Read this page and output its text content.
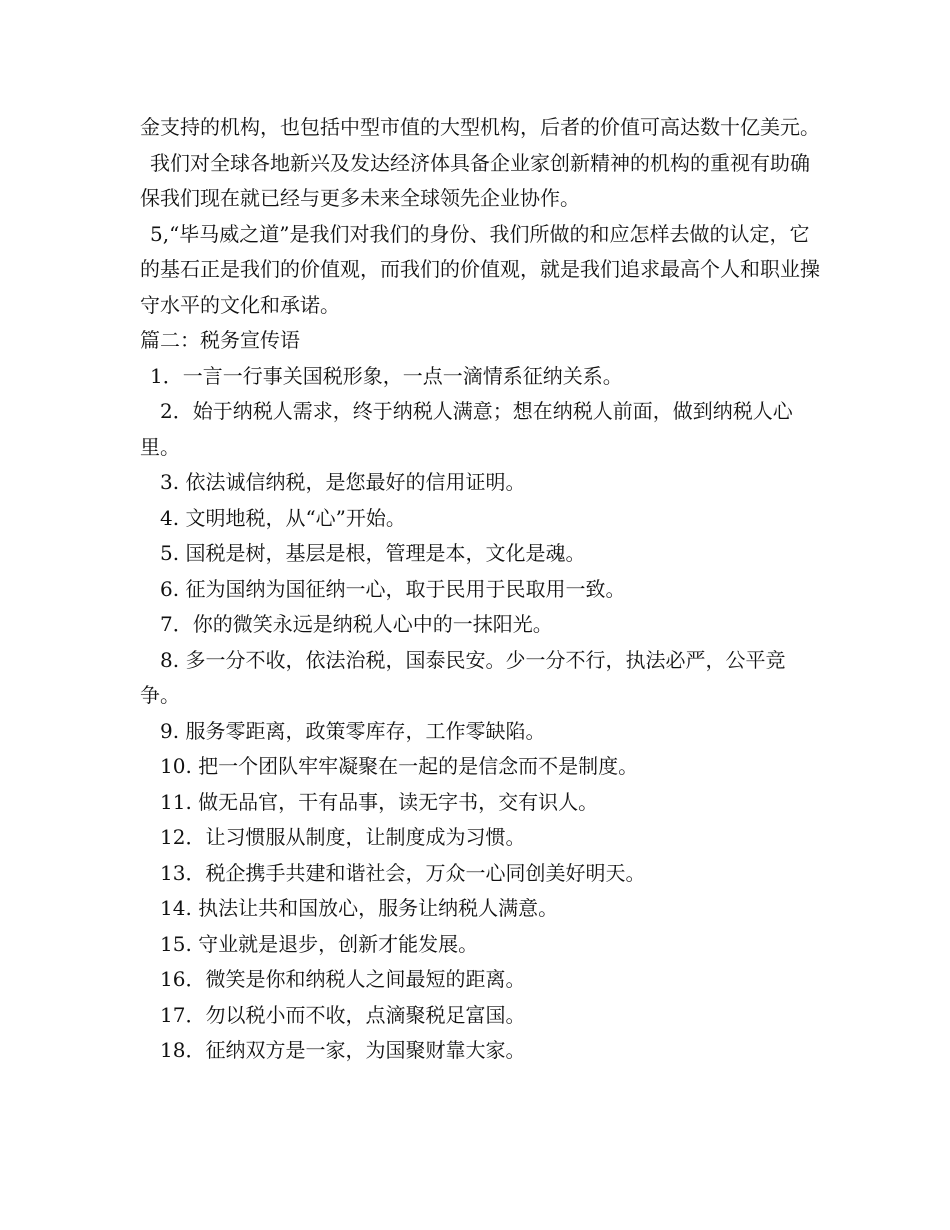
金支持的机构，也包括中型市值的大型机构，后者的价值可高达数十亿美元。

我们对全球各地新兴及发达经济体具备企业家创新精神的机构的重视有助确保我们现在就已经与更多未来全球领先企业协作。

5,“毕马威之道”是我们对我们的身份、我们所做的和应怎样去做的认定，它的基石正是我们的价值观，而我们的价值观，就是我们追求最高个人和职业操守水平的文化和承诺。

篇二：税务宣传语

1．一言一行事关国税形象，一点一滴情系征纳关系。

2．始于纳税人需求，终于纳税人满意；想在纳税人前面，做到纳税人心里。

3. 依法诚信纳税，是您最好的信用证明。

4. 文明地税，从“心”开始。

5. 国税是树，基层是根，管理是本，文化是魂。

6. 征为国纳为国征纳一心，取于民用于民取用一致。

7．你的微笑永远是纳税人心中的一抹阳光。

8. 多一分不收，依法治税，国泰民安。少一分不行，执法必严，公平竞争。

9. 服务零距离，政策零库存，工作零缺陷。

10. 把一个团队牢牢凝聚在一起的是信念而不是制度。

11. 做无品官，干有品事，读无字书，交有识人。

12．让习惯服从制度，让制度成为习惯。

13．税企携手共建和谐社会，万众一心同创美好明天。

14. 执法让共和国放心，服务让纳税人满意。

15. 守业就是退步，创新才能发展。

16．微笑是你和纳税人之间最短的距离。

17．勿以税小而不收，点滴聚税足富国。

18．征纳双方是一家，为国聚财靠大家。
